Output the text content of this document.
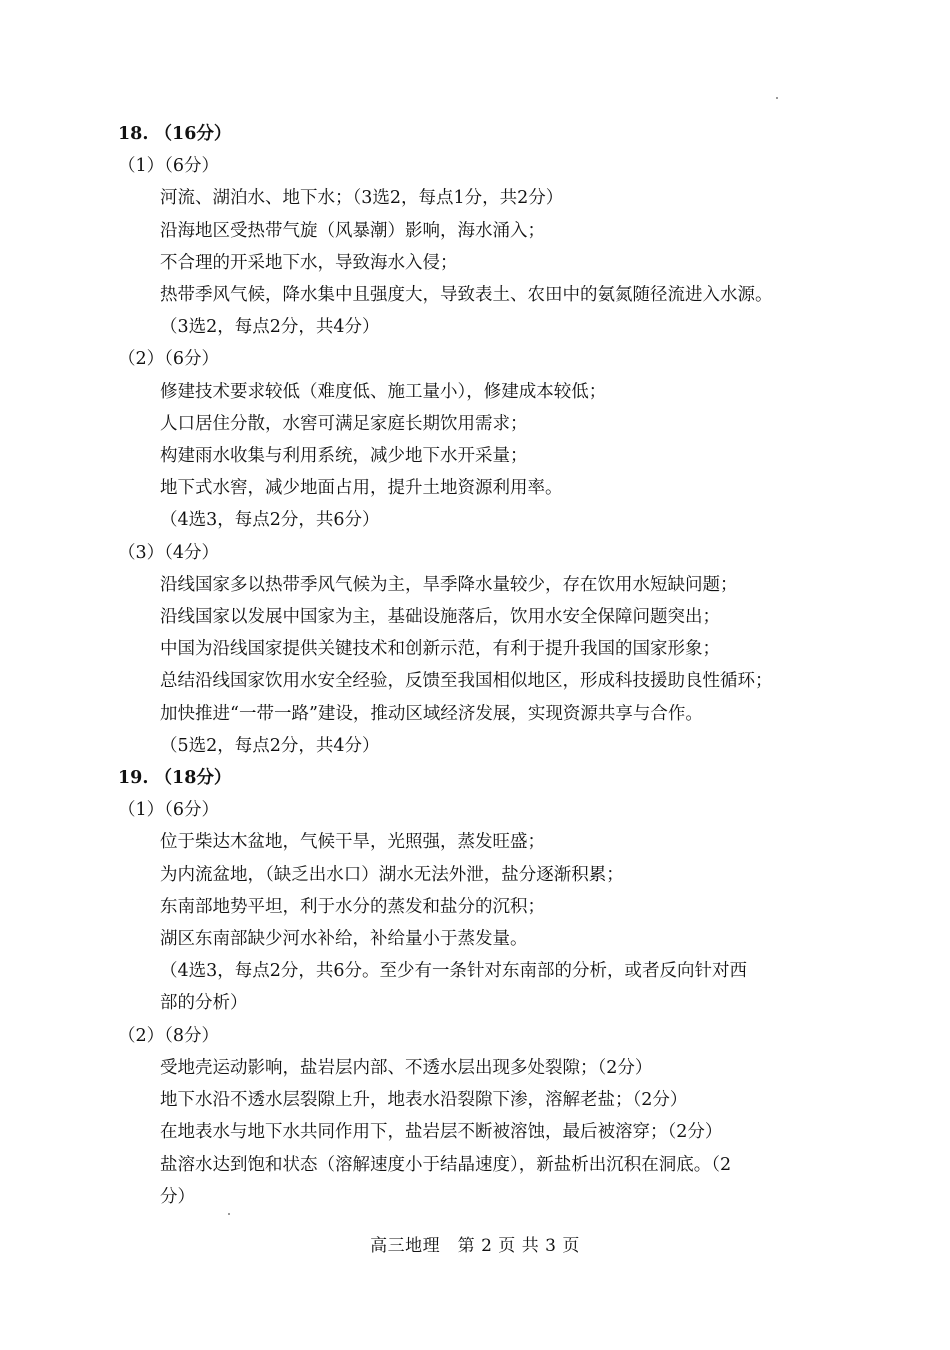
18. （16分）
（1）（6分）
河流、湖泊水、地下水；（3选2，每点1分，共2分）
沿海地区受热带气旋（风暴潮）影响，海水涌入；
不合理的开采地下水，导致海水入侵；
热带季风气候，降水集中且强度大，导致表土、农田中的氨氮随径流进入水源。
（3选2，每点2分，共4分）
（2）（6分）
修建技术要求较低（难度低、施工量小），修建成本较低；
人口居住分散，水窖可满足家庭长期饮用需求；
构建雨水收集与利用系统，减少地下水开采量；
地下式水窖，减少地面占用，提升土地资源利用率。
（4选3，每点2分，共6分）
（3）（4分）
沿线国家多以热带季风气候为主，旱季降水量较少，存在饮用水短缺问题；
沿线国家以发展中国家为主，基础设施落后，饮用水安全保障问题突出；
中国为沿线国家提供关键技术和创新示范，有利于提升我国的国家形象；
总结沿线国家饮用水安全经验，反馈至我国相似地区，形成科技援助良性循环；
加快推进“一带一路”建设，推动区域经济发展，实现资源共享与合作。
（5选2，每点2分，共4分）
19. （18分）
（1）（6分）
位于柴达木盆地，气候干旱，光照强，蒸发旺盛；
为内流盆地，（缺乏出水口）湖水无法外泄，盐分逐渐积累；
东南部地势平坦，利于水分的蒸发和盐分的沉积；
湖区东南部缺少河水补给，补给量小于蒸发量。
（4选3，每点2分，共6分。至少有一条针对东南部的分析，或者反向针对西
部的分析）
（2）（8分）
受地壳运动影响，盐岩层内部、不透水层出现多处裂隙；（2分）
地下水沿不透水层裂隙上升，地表水沿裂隙下渗，溶解老盐；（2分）
在地表水与地下水共同作用下，盐岩层不断被溶蚀，最后被溶穿；（2分）
盐溶水达到饱和状态（溶解速度小于结晶速度），新盐析出沉积在洞底。（2
分）
高三地理　第 2 页 共 3 页
